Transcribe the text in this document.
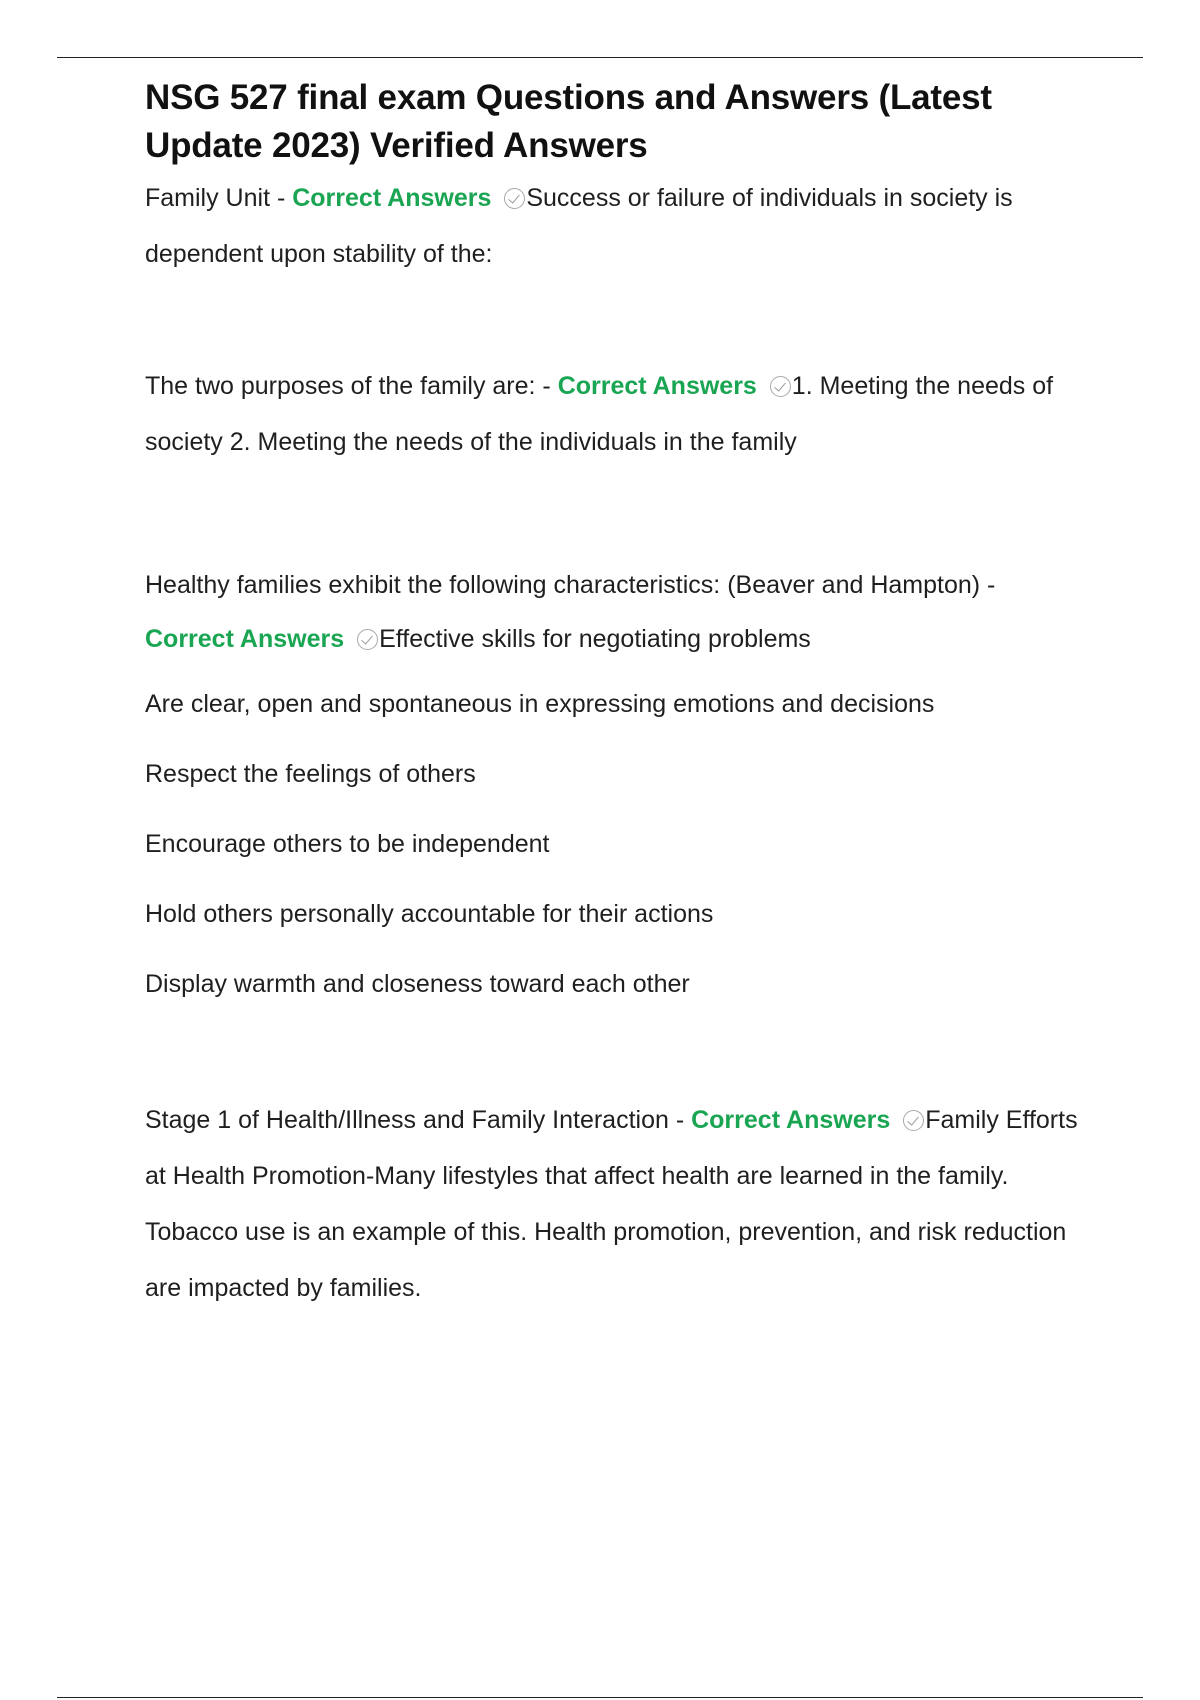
NSG 527 final exam Questions and Answers (Latest Update 2023) Verified Answers

Family Unit - Correct Answers Success or failure of individuals in society is dependent upon stability of the:

The two purposes of the family are: - Correct Answers 1. Meeting the needs of society 2. Meeting the needs of the individuals in the family

Healthy families exhibit the following characteristics: (Beaver and Hampton) - Correct Answers Effective skills for negotiating problems

Are clear, open and spontaneous in expressing emotions and decisions

Respect the feelings of others

Encourage others to be independent

Hold others personally accountable for their actions

Display warmth and closeness toward each other

Stage 1 of Health/Illness and Family Interaction - Correct Answers Family Efforts at Health Promotion-Many lifestyles that affect health are learned in the family. Tobacco use is an example of this. Health promotion, prevention, and risk reduction are impacted by families.
